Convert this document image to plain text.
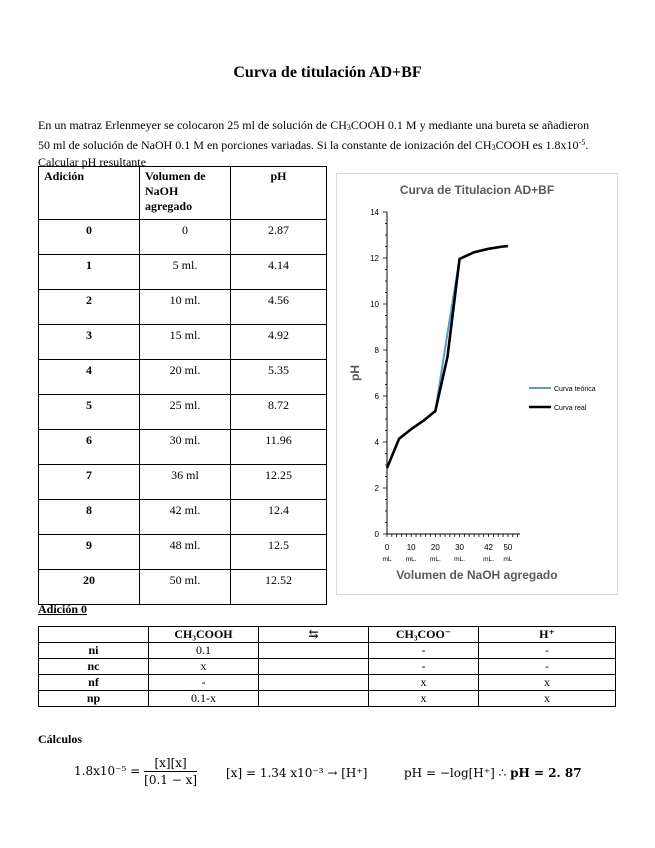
Curva de titulación AD+BF
En un matraz Erlenmeyer se colocaron 25 ml de solución de $CH_3COOH$ 0.1 M y mediante una bureta se añadieron 50 ml de solución de NaOH 0.1 M en porciones variadas. Si la constante de ionización del $CH_3COOH$ es $1.8x10^{-5}$. Calcular pH resultante
Adición	Volumen de NaOH agregado	pH
0	0	2.87
1	5 ml.	4.14
2	10 ml.	4.56
3	15 ml.	4.92
4	20 ml.	5.35
5	25 ml.	8.72
6	30 ml.	11.96
7	36 ml	12.25
8	42 ml.	12.4
9	48 ml.	12.5
20	50 ml.	12.52
Curva de Titulacion AD+BF
0
2
4
6
8
10
12
14
0
mL
10
mL.
20
mL.
30
mL.
42
mL.
50
mL
Volumen de NaOH agregado
pH
Curva teórica
Curva real
Adición 0
	CH₃COOH	⇆	CH₃COO⁻	H⁺
ni	0.1		-	-
nc	x		-	-
nf	-		x	x
np	0.1-x		x	x
Cálculos
$1.8x10^{-5} = \frac{[x][x]}{[0.1 - x]} [x] = 1.34$ x10⁻³ → [H⁺]	pH = −log[H⁺] ∴ pH = 2. 87
